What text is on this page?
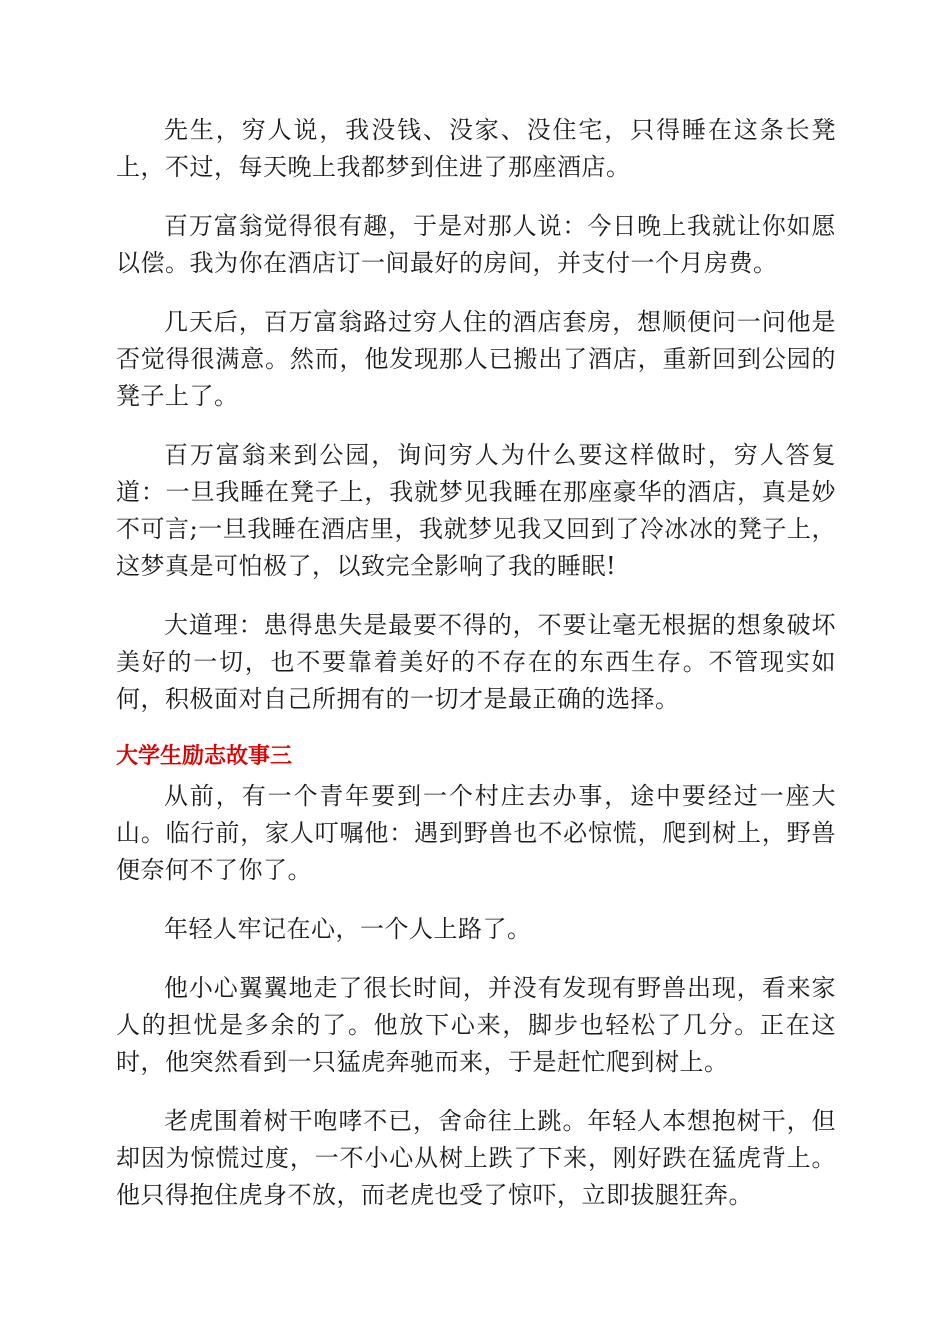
先生，穷人说，我没钱、没家、没住宅，只得睡在这条长凳上，不过，每天晚上我都梦到住进了那座酒店。

百万富翁觉得很有趣，于是对那人说：今日晚上我就让你如愿以偿。我为你在酒店订一间最好的房间，并支付一个月房费。

几天后，百万富翁路过穷人住的酒店套房，想顺便问一问他是否觉得很满意。然而，他发现那人已搬出了酒店，重新回到公园的凳子上了。

百万富翁来到公园，询问穷人为什么要这样做时，穷人答复道：一旦我睡在凳子上，我就梦见我睡在那座豪华的酒店，真是妙不可言;一旦我睡在酒店里，我就梦见我又回到了冷冰冰的凳子上，这梦真是可怕极了，以致完全影响了我的睡眠!

大道理：患得患失是最要不得的，不要让毫无根据的想象破坏美好的一切，也不要靠着美好的不存在的东西生存。不管现实如何，积极面对自己所拥有的一切才是最正确的选择。

大学生励志故事三

从前，有一个青年要到一个村庄去办事，途中要经过一座大山。临行前，家人叮嘱他：遇到野兽也不必惊慌，爬到树上，野兽便奈何不了你了。

年轻人牢记在心，一个人上路了。

他小心翼翼地走了很长时间，并没有发现有野兽出现，看来家人的担忧是多余的了。他放下心来，脚步也轻松了几分。正在这时，他突然看到一只猛虎奔驰而来，于是赶忙爬到树上。

老虎围着树干咆哮不已，舍命往上跳。年轻人本想抱树干，但却因为惊慌过度，一不小心从树上跌了下来，刚好跌在猛虎背上。他只得抱住虎身不放，而老虎也受了惊吓，立即拔腿狂奔。
